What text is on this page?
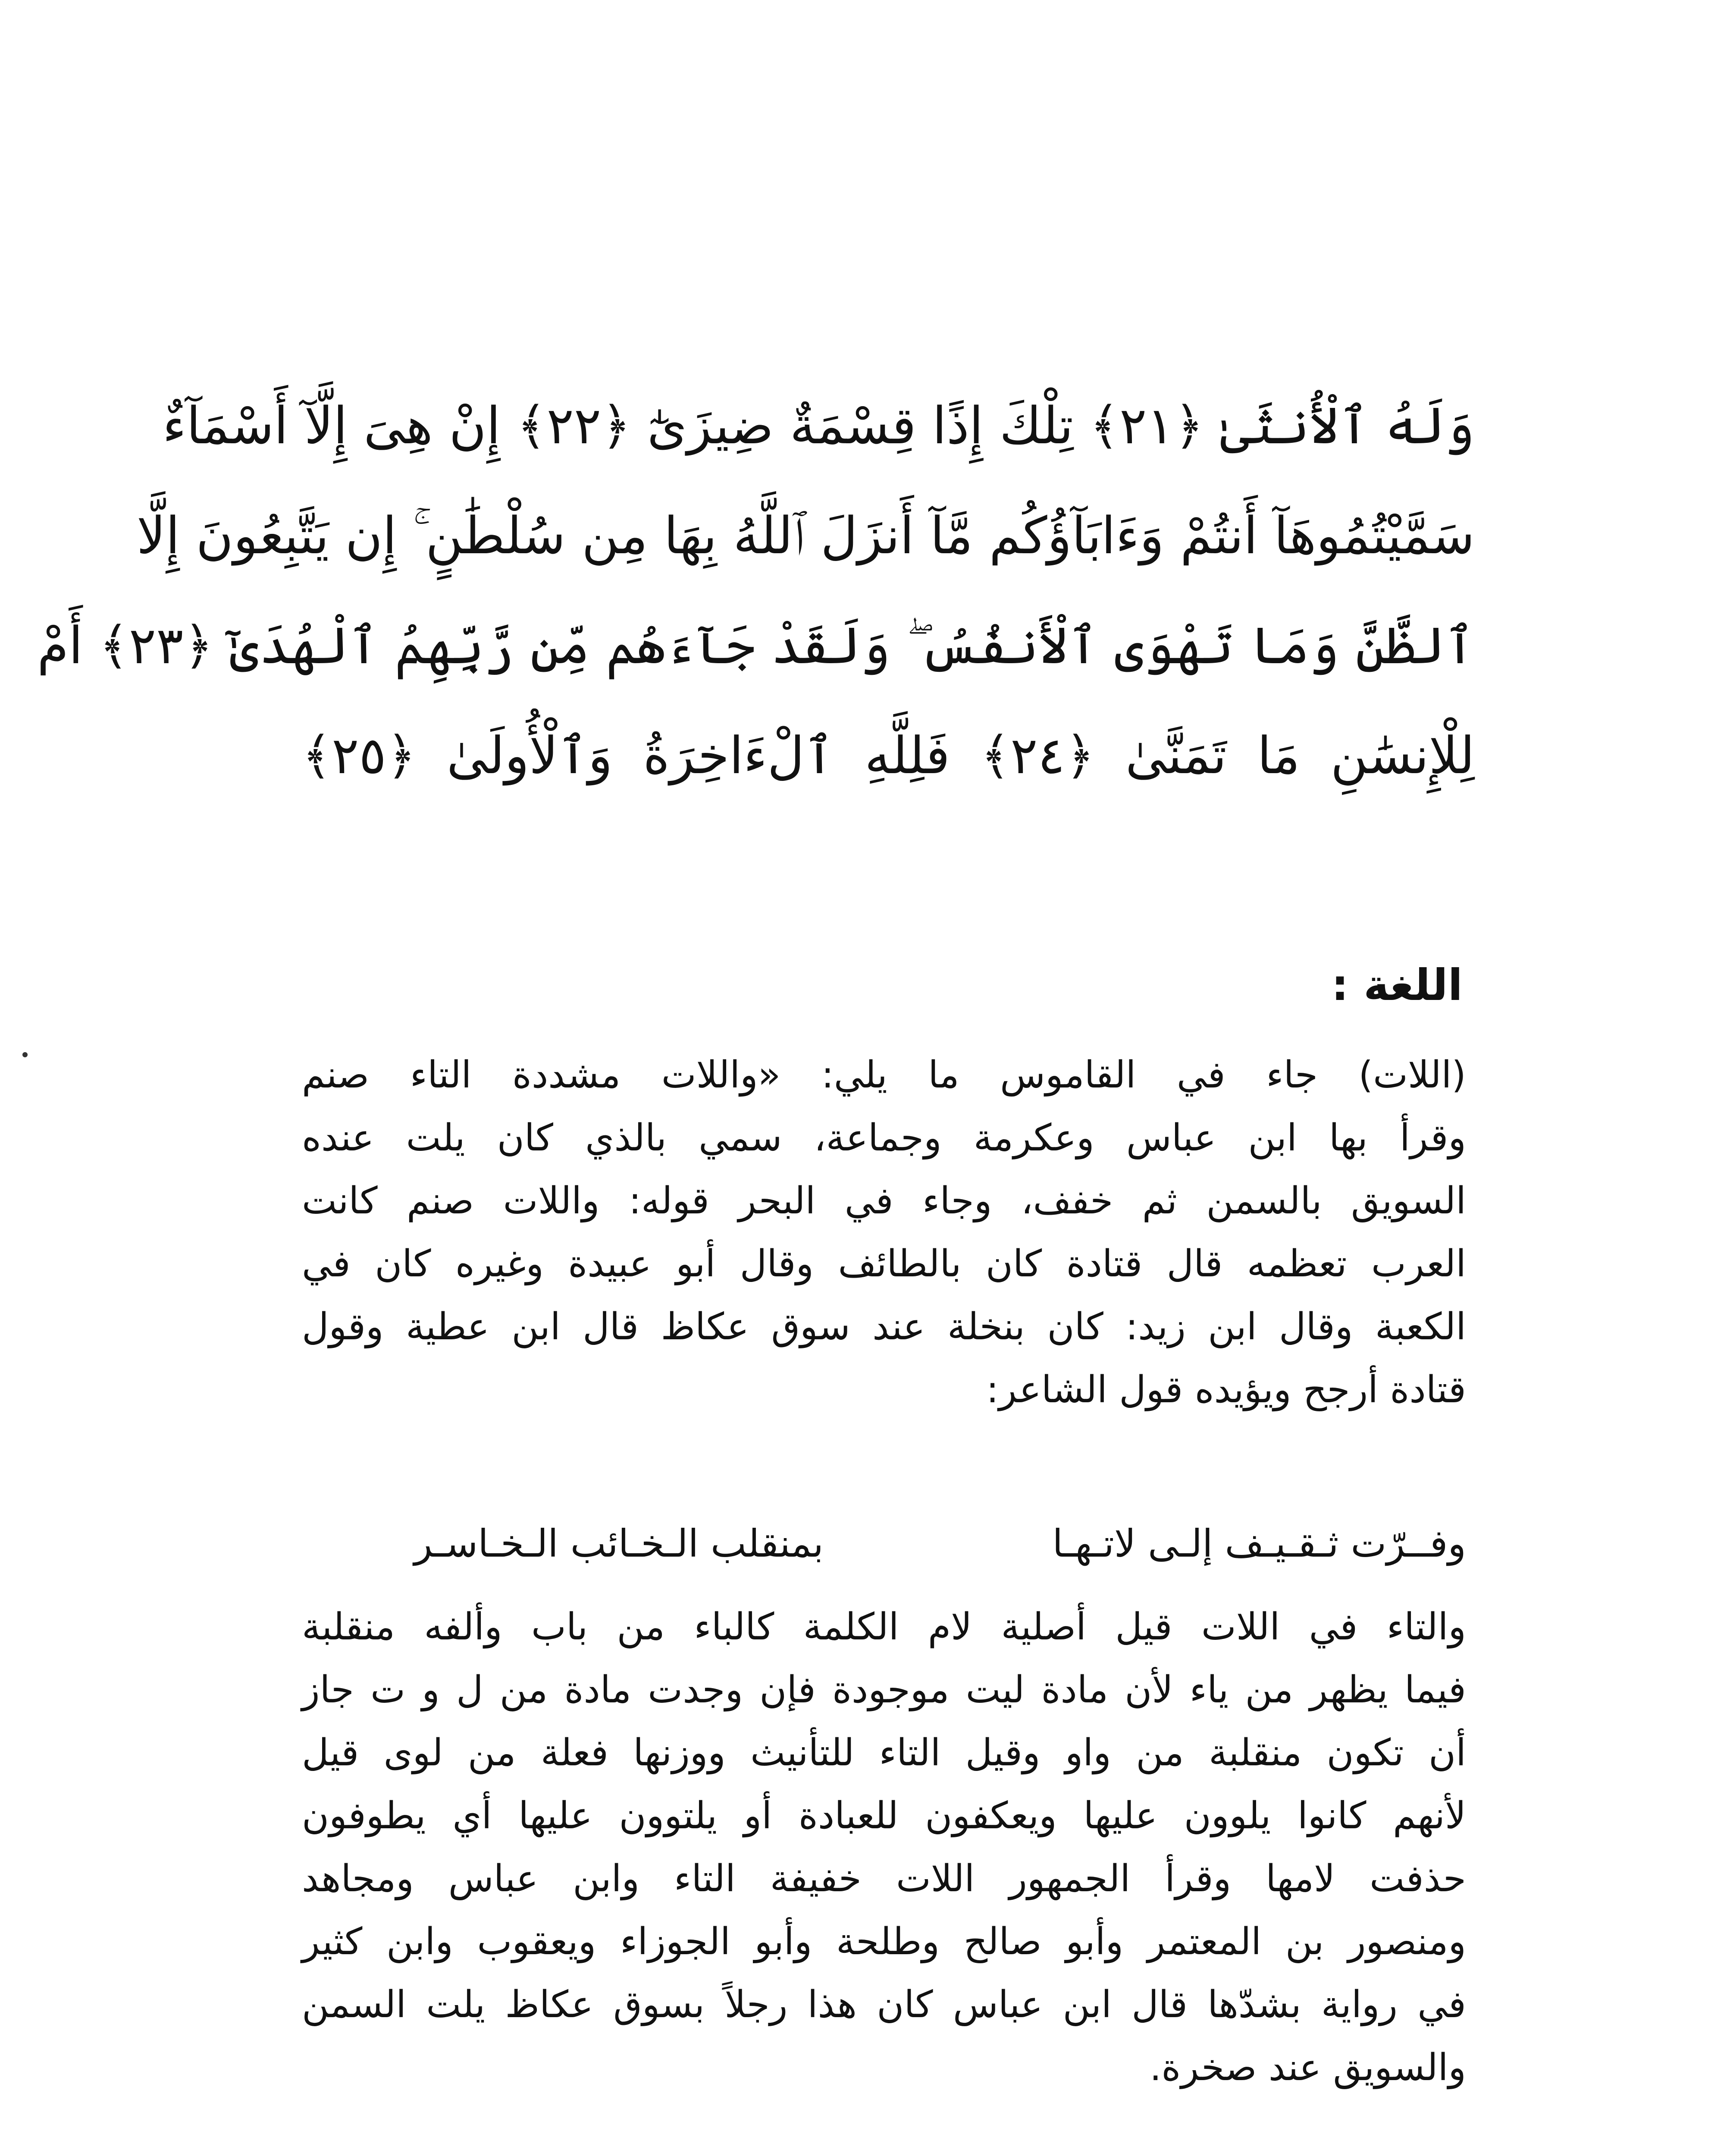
وَلَهُ ٱلْأُنثَىٰ ﴿٢١﴾ تِلْكَ إِذًا قِسْمَةٌ ضِيزَىٰٓ ﴿٢٢﴾ إِنْ هِىَ إِلَّآ أَسْمَآءٌ
سَمَّيْتُمُوهَآ أَنتُمْ وَءَابَآؤُكُم مَّآ أَنزَلَ ٱللَّهُ بِهَا مِن سُلْطَٰنٍ ۚ إِن يَتَّبِعُونَ إِلَّا
ٱلظَّنَّ وَمَا تَهْوَى ٱلْأَنفُسُ ۖ وَلَقَدْ جَآءَهُم مِّن رَّبِّهِمُ ٱلْهُدَىٰٓ ﴿٢٣﴾ أَمْ
لِلْإِنسَٰنِ مَا تَمَنَّىٰ ﴿٢٤﴾ فَلِلَّهِ ٱلْءَاخِرَةُ وَٱلْأُولَىٰ ﴿٢٥﴾
اللغة :
(اللات) جاء في القاموس ما يلي: «واللات مشددة التاء صنم
وقرأ بها ابن عباس وعكرمة وجماعة، سمي بالذي كان يلت عنده
السويق بالسمن ثم خفف، وجاء في البحر قوله: واللات صنم كانت
العرب تعظمه قال قتادة كان بالطائف وقال أبو عبيدة وغيره كان في
الكعبة وقال ابن زيد: كان بنخلة عند سوق عكاظ قال ابن عطية وقول
قتادة أرجح ويؤيده قول الشاعر:
وفــرّت ثـقـيـف إلـى لاتـهـا
بمنقلب الـخـائب الـخـاسـر
والتاء في اللات قيل أصلية لام الكلمة كالباء من باب وألفه منقلبة
فيما يظهر من ياء لأن مادة ليت موجودة فإن وجدت مادة من ل و ت جاز
أن تكون منقلبة من واو وقيل التاء للتأنيث ووزنها فعلة من لوى قيل
لأنهم كانوا يلوون عليها ويعكفون للعبادة أو يلتوون عليها أي يطوفون
حذفت لامها وقرأ الجمهور اللات خفيفة التاء وابن عباس ومجاهد
ومنصور بن المعتمر وأبو صالح وطلحة وأبو الجوزاء ويعقوب وابن كثير
في رواية بشدّها قال ابن عباس كان هذا رجلاً بسوق عكاظ يلت السمن
والسويق عند صخرة.
